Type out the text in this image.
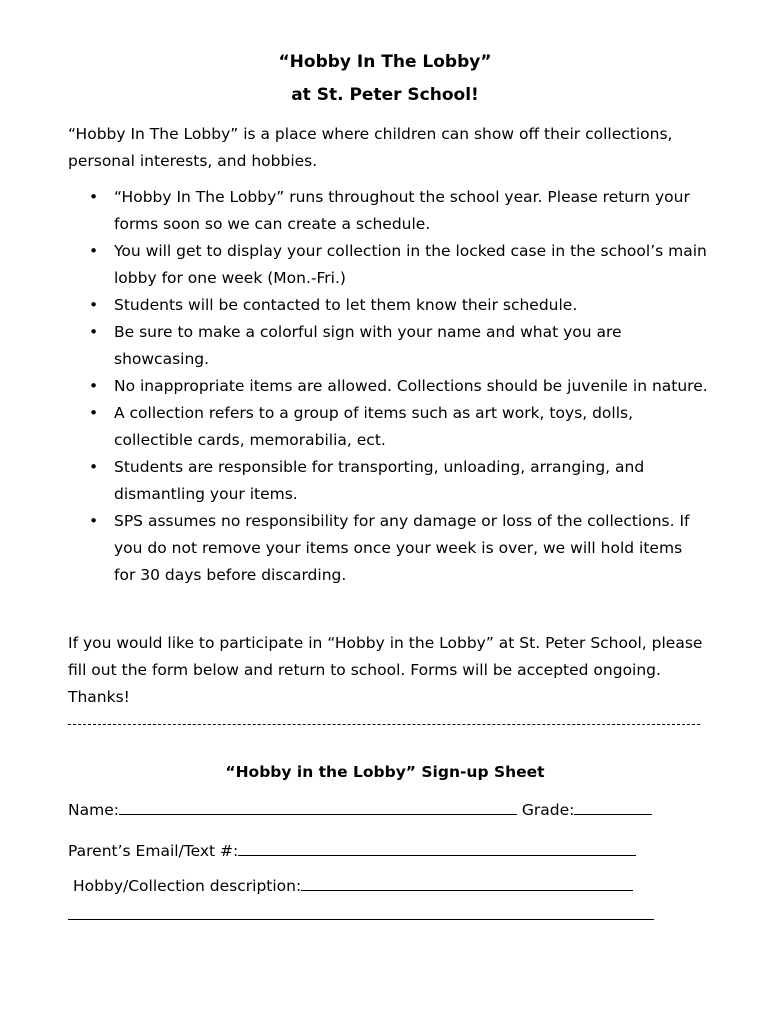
“Hobby In The Lobby”
at St. Peter School!

“Hobby In The Lobby” is a place where children can show off their collections, personal interests, and hobbies.

• “Hobby In The Lobby” runs throughout the school year. Please return your forms soon so we can create a schedule.
• You will get to display your collection in the locked case in the school’s main lobby for one week (Mon.-Fri.)
• Students will be contacted to let them know their schedule.
• Be sure to make a colorful sign with your name and what you are showcasing.
• No inappropriate items are allowed. Collections should be juvenile in nature.
• A collection refers to a group of items such as art work, toys, dolls, collectible cards, memorabilia, ect.
• Students are responsible for transporting, unloading, arranging, and dismantling your items.
• SPS assumes no responsibility for any damage or loss of the collections. If you do not remove your items once your week is over, we will hold items for 30 days before discarding.

If you would like to participate in “Hobby in the Lobby” at St. Peter School, please fill out the form below and return to school. Forms will be accepted ongoing. Thanks!

“Hobby in the Lobby” Sign-up Sheet
Name:	Grade:
Parent’s Email/Text #:
Hobby/Collection description:
